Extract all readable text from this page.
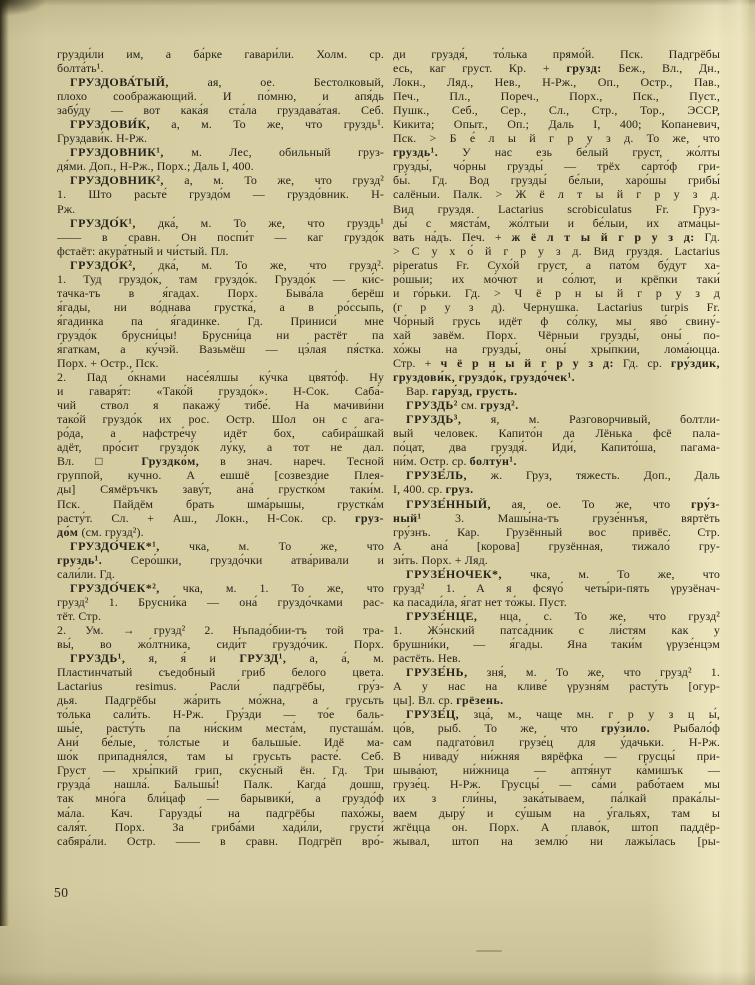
грузди́ли им, а ба́рке гавари́ли. Холм. ср.
болта́ть¹.
ГРУЗДОВА́ТЫЙ, ая, ое. Бестолковый,
плохо соображающий. И по́мню, и апя́дь
забу́ду — вот кака́я ста́ла груздава́тая. Себ.
ГРУЗДОВИ́К, а, м. То же, что груздь¹.
Груздави́к. Н-Рж.
ГРУЗДОВНИК¹, м. Лес, обильный груз-
дя́ми. Доп., Н-Рж., Порх.; Даль I, 400.
ГРУЗДОВНИК², а, м. То же, что грузд²
1. Што расьте́ груздо́м — груздо́вник. Н-
Рж.
ГРУЗДО́К¹, дка́, м. То же, что груздь¹
—— в сравн. Он поспи́т — каг груздо́к
фстаёт: акура́тный и чи́стый. Пл.
ГРУЗДО́К², дка́, м. То же, что грузд².
1. Туд груздо́к, там груздо́к. Груздо́к — ки́с-
тачка-тъ в я́гадах. Порх. Быва́ла берёш
я́гады, ни во́днава грустка́, а в ро́ссыпь,
я́гадинка па я́гадинке. Гд. Приниси́ мне
груздо́к брусни́цы! Брусни́ца ни растёт па
я́гаткам, а ку́чэй. Вазьмёш — цэ́лая пя́стка.
Порх. + Остр., Пск.
2. Пад о́кнами насе́ялшы ку́чка цвято́ф. Ну
и гаваря́т: «Тако́й груздо́к». Н-Сок. Саба́-
чий ствол я пакажу́ тибе́. На мачиви́ни
тако́й груздо́к их рос. Остр. Шол он с ага-
ро́да, а нафстре́чу идёт бох, сабира́шкай
адёт, про́сит груздо́к лу́ку, а тот не дал.
Вл. □ Груздко́м, в знач. нареч. Тесной
группой, кучно. А ешшё [созвездие Плея-
ды] Сямёръчкъ заву́т, ана́ грустко́м таки́м.
Пск. Пайдём брать шма́рышы, грустка́м
расту́т. Сл. + Аш., Локн., Н-Сок. ср. груз-
до́м (см. грузд²).
ГРУЗДО́ЧЕК*¹, чка, м. То же, что
груздь¹. Серо́шки, груздо́чки атва́ривали и
сали́ли. Гд.
ГРУЗДО́ЧЕК*², чка, м. 1. То же, что
грузд² 1. Брусни́ка — она́ груздо́чками рас-
тёт. Стр.
2. Ум. → грузд² 2. Нъпадо́бии-тъ той тра-
вы́, во жо́лтника, сиди́т груздо́чик. Порх.
ГРУЗДЬ¹, я, я́ и ГРУЗД¹, а, а́, м.
Пластинчатый съедобный гриб белого цвета.
Lactarius resimus. Расли́ падгрёбы, гру́з-
дья. Падгрёбы жа́рить мо́жна, а грусьть
то́лька сали́ть. Н-Рж. Гру́зди — то́е баль-
шы́е, расту́ть па ни́ским места́м, пусташа́м.
Ани́ бе́лые, то́лстые и бальшы́е. Идё ма-
шо́к припадня́лся, там ы грусьть расте́. Себ.
Груст — хры́пкий грип, ску́сный ён. Гд. Три
грузда́ нашла́. Бальшы́! Палк. Кагда́ дошш,
так мно́га бли́цаф — барывики́, а груздо́ф
ма́ла. Кач. Гарузды́ на падгрёбы пахо́жы,
саля́т. Порх. За гриба́ми хади́ли, грусти́
сабяра́ли. Остр. —— в сравн. Подгрёп вро́-
ди груздя́, то́лька прямо́й. Пск. Падгрёбы
есь, каг груст. Кр. + грузд: Беж., Вл., Дн.,
Локн., Ляд., Нев., Н-Рж., Оп., Остр., Пав.,
Печ., Пл., Пореч., Порх., Пск., Пуст.,
Пушк., Себ., Сер., Сл., Стр., Тор., ЭССР,
Кикита; Опыт., Оп.; Даль I, 400; Копаневич,
Пск. > Б е́ л ы й г р у з д. То же, что
груздь¹. У нас езь бе́лый груст, жо́лты
грузды́, чо́рны грузды́ — трёх сарто́ф гри-
бы́. Гд. Вод грузды́ бе́лыи, харо́шы грибы́
салёныи. Палк. > Ж ё л т ы й г р у з д.
Вид груздя. Lactarius scrobiculatus Fr. Груз-
ды́ с мяста́м, жо́лтыи и бе́лыи, их атма́цы-
вать на́дъ. Печ. + ж ё л т ы й г р у з д: Гд.
> С у х о́ й г р у з д. Вид груздя. Lactarius
piperatus Fr. Сухо́й груст, а пато́м бу́дут ха-
ро́шыи; их мо́чют и со́лют, и крёпки таки́
и го́рьки. Гд. > Ч ё р н ы й г р у з д
(г р у з д). Чернушка. Lactarius turpis Fr.
Чо́рный грусь идёт ф со́лку, мы яво́ свину́-
хай завём. Порх. Чёрныи грузды́, оны́ по-
хо́жы на грузды́, оны́ хры́пкии, лома́юцца.
Стр. + ч ё р н ы й г р у з д: Гд. ср. гру́здик,
груздови́к, груздо́к, груздо́чек¹.
Вар. гару́зд, грусть.
ГРУЗДЬ² см. грузд².
ГРУЗДЬ³, я, м. Разговорчивый, болтли-
вый человек. Капито́н да Лёнька фсё пала-
по́цат, два груздя́. Иди́, Капито́ша, пагама-
ни́м. Остр. ср. болту́н¹.
ГРУЗЕ́ЛЬ, ж. Груз, тяжесть. Доп., Даль
I, 400. ср. груз.
ГРУЗЕ́ННЫЙ, ая, ое. То же, что гру́з-
ный¹ 3. Машы́на-тъ грузе́ннъя, вяртёть
гру́знъ. Кар. Грузённый вос привёс. Стр.
А ана́ [корова] грузённая, тижало́ гру-
зи́ть. Порх. + Ляд.
ГРУЗЕ́НОЧЕК*, чка, м. То же, что
грузд² 1. А я фсяγо́ четы́ри-пять γрузёнач-
ка пасади́ла, я́гат нет то́жы. Пуст.
ГРУЗЕ́НЦЕ, нца, с. То же, что грузд²
1. Жэ́нский патса́дник с ли́стям как у
брушни́ки, — я́гады. Яна таки́м γрузе́нцэм
растёть. Нев.
ГРУЗЕ́НЬ, зня́, м. То же, что грузд² 1.
А у нас на кливе́ γрузня́м расту́ть [огур-
цы]. Вл. ср. грёзень.
ГРУЗЕ́Ц, зца́, м., чаще мн. г р у з ц ы́,
цо́в, рыб. То же, что гру́зило. Рыбало́ф
сам падгато́вил грузе́ц для у́дачьки. Н-Рж.
В ниваду́ ни́жняя вярёфка — грусцы́ при-
шыва́ют, ни́жница — аптя́нут ка́мишък —
грузе́ц. Н-Рж. Грусцы́ — са́ми рабо́таем мы
их з гли́ны, зака́тываем, па́лкай прака́лы-
ваем дыру́ и су́шым на у́гальях, там ы
жгёцца он. Порх. А плаво́к, штоп паддёр-
жывал, штоп на землю́ ни лажы́лась [ры-
50
